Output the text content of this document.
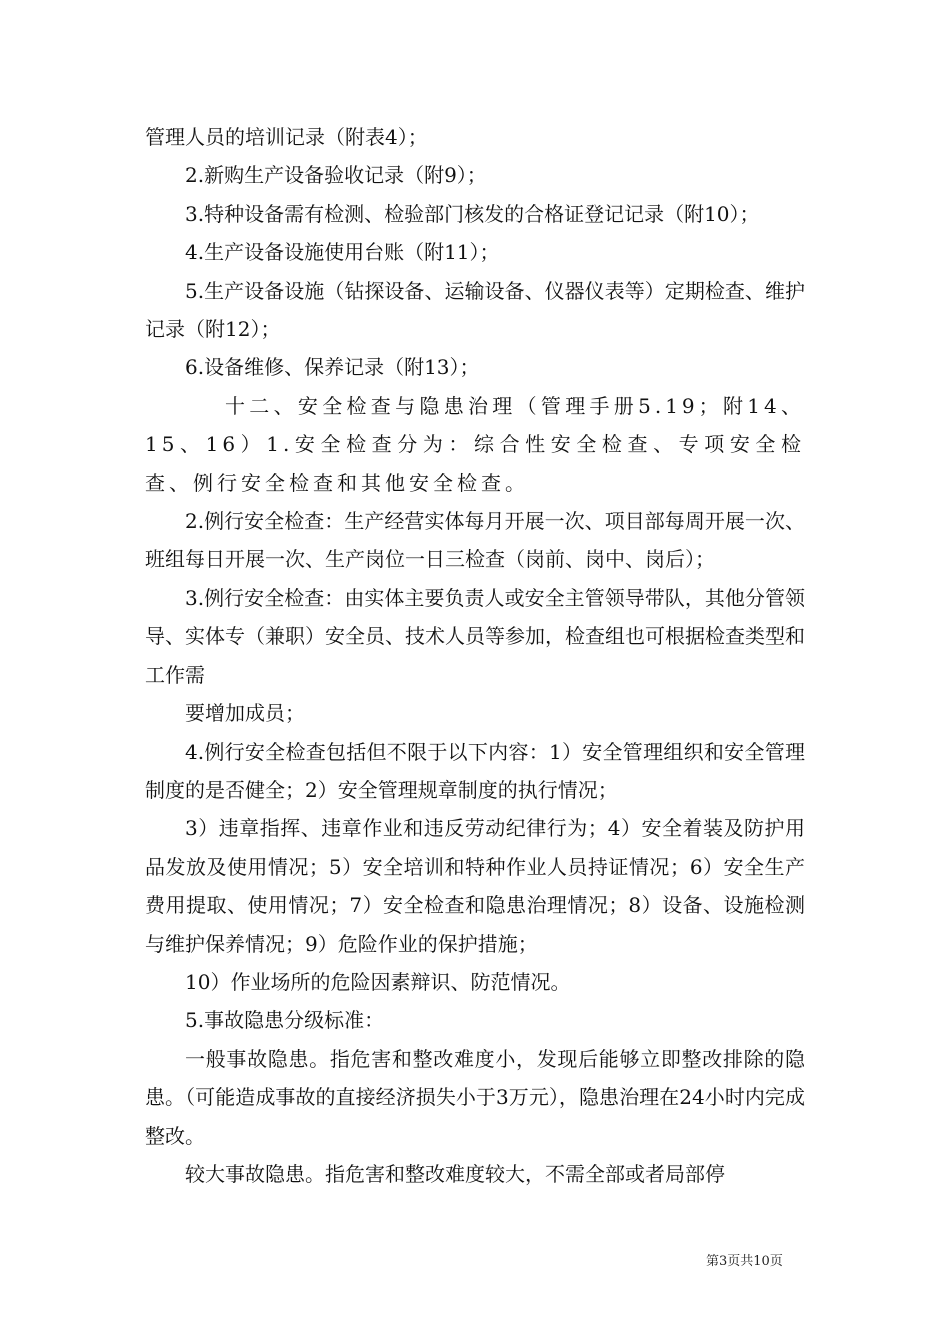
管理人员的培训记录（附表4）；

2.新购生产设备验收记录（附9）；

3.特种设备需有检测、检验部门核发的合格证登记记录（附10）；

4.生产设备设施使用台账（附11）；

5.生产设备设施（钻探设备、运输设备、仪器仪表等）定期检查、维护记录（附12）；

6.设备维修、保养记录（附13）；

十二、安全检查与隐患治理（管理手册5.19；附14、15、16）1.安全检查分为：综合性安全检查、专项安全检查、例行安全检查和其他安全检查。

2.例行安全检查：生产经营实体每月开展一次、项目部每周开展一次、班组每日开展一次、生产岗位一日三检查（岗前、岗中、岗后）；

3.例行安全检查：由实体主要负责人或安全主管领导带队，其他分管领导、实体专（兼职）安全员、技术人员等参加，检查组也可根据检查类型和工作需

要增加成员；

4.例行安全检查包括但不限于以下内容：1）安全管理组织和安全管理制度的是否健全；2）安全管理规章制度的执行情况；

3）违章指挥、违章作业和违反劳动纪律行为；4）安全着装及防护用品发放及使用情况；5）安全培训和特种作业人员持证情况；6）安全生产费用提取、使用情况；7）安全检查和隐患治理情况；8）设备、设施检测与维护保养情况；9）危险作业的保护措施；

10）作业场所的危险因素辩识、防范情况。

5.事故隐患分级标准：

一般事故隐患。指危害和整改难度小，发现后能够立即整改排除的隐患。（可能造成事故的直接经济损失小于3万元），隐患治理在24小时内完成整改。

较大事故隐患。指危害和整改难度较大，不需全部或者局部停

第3页共10页
